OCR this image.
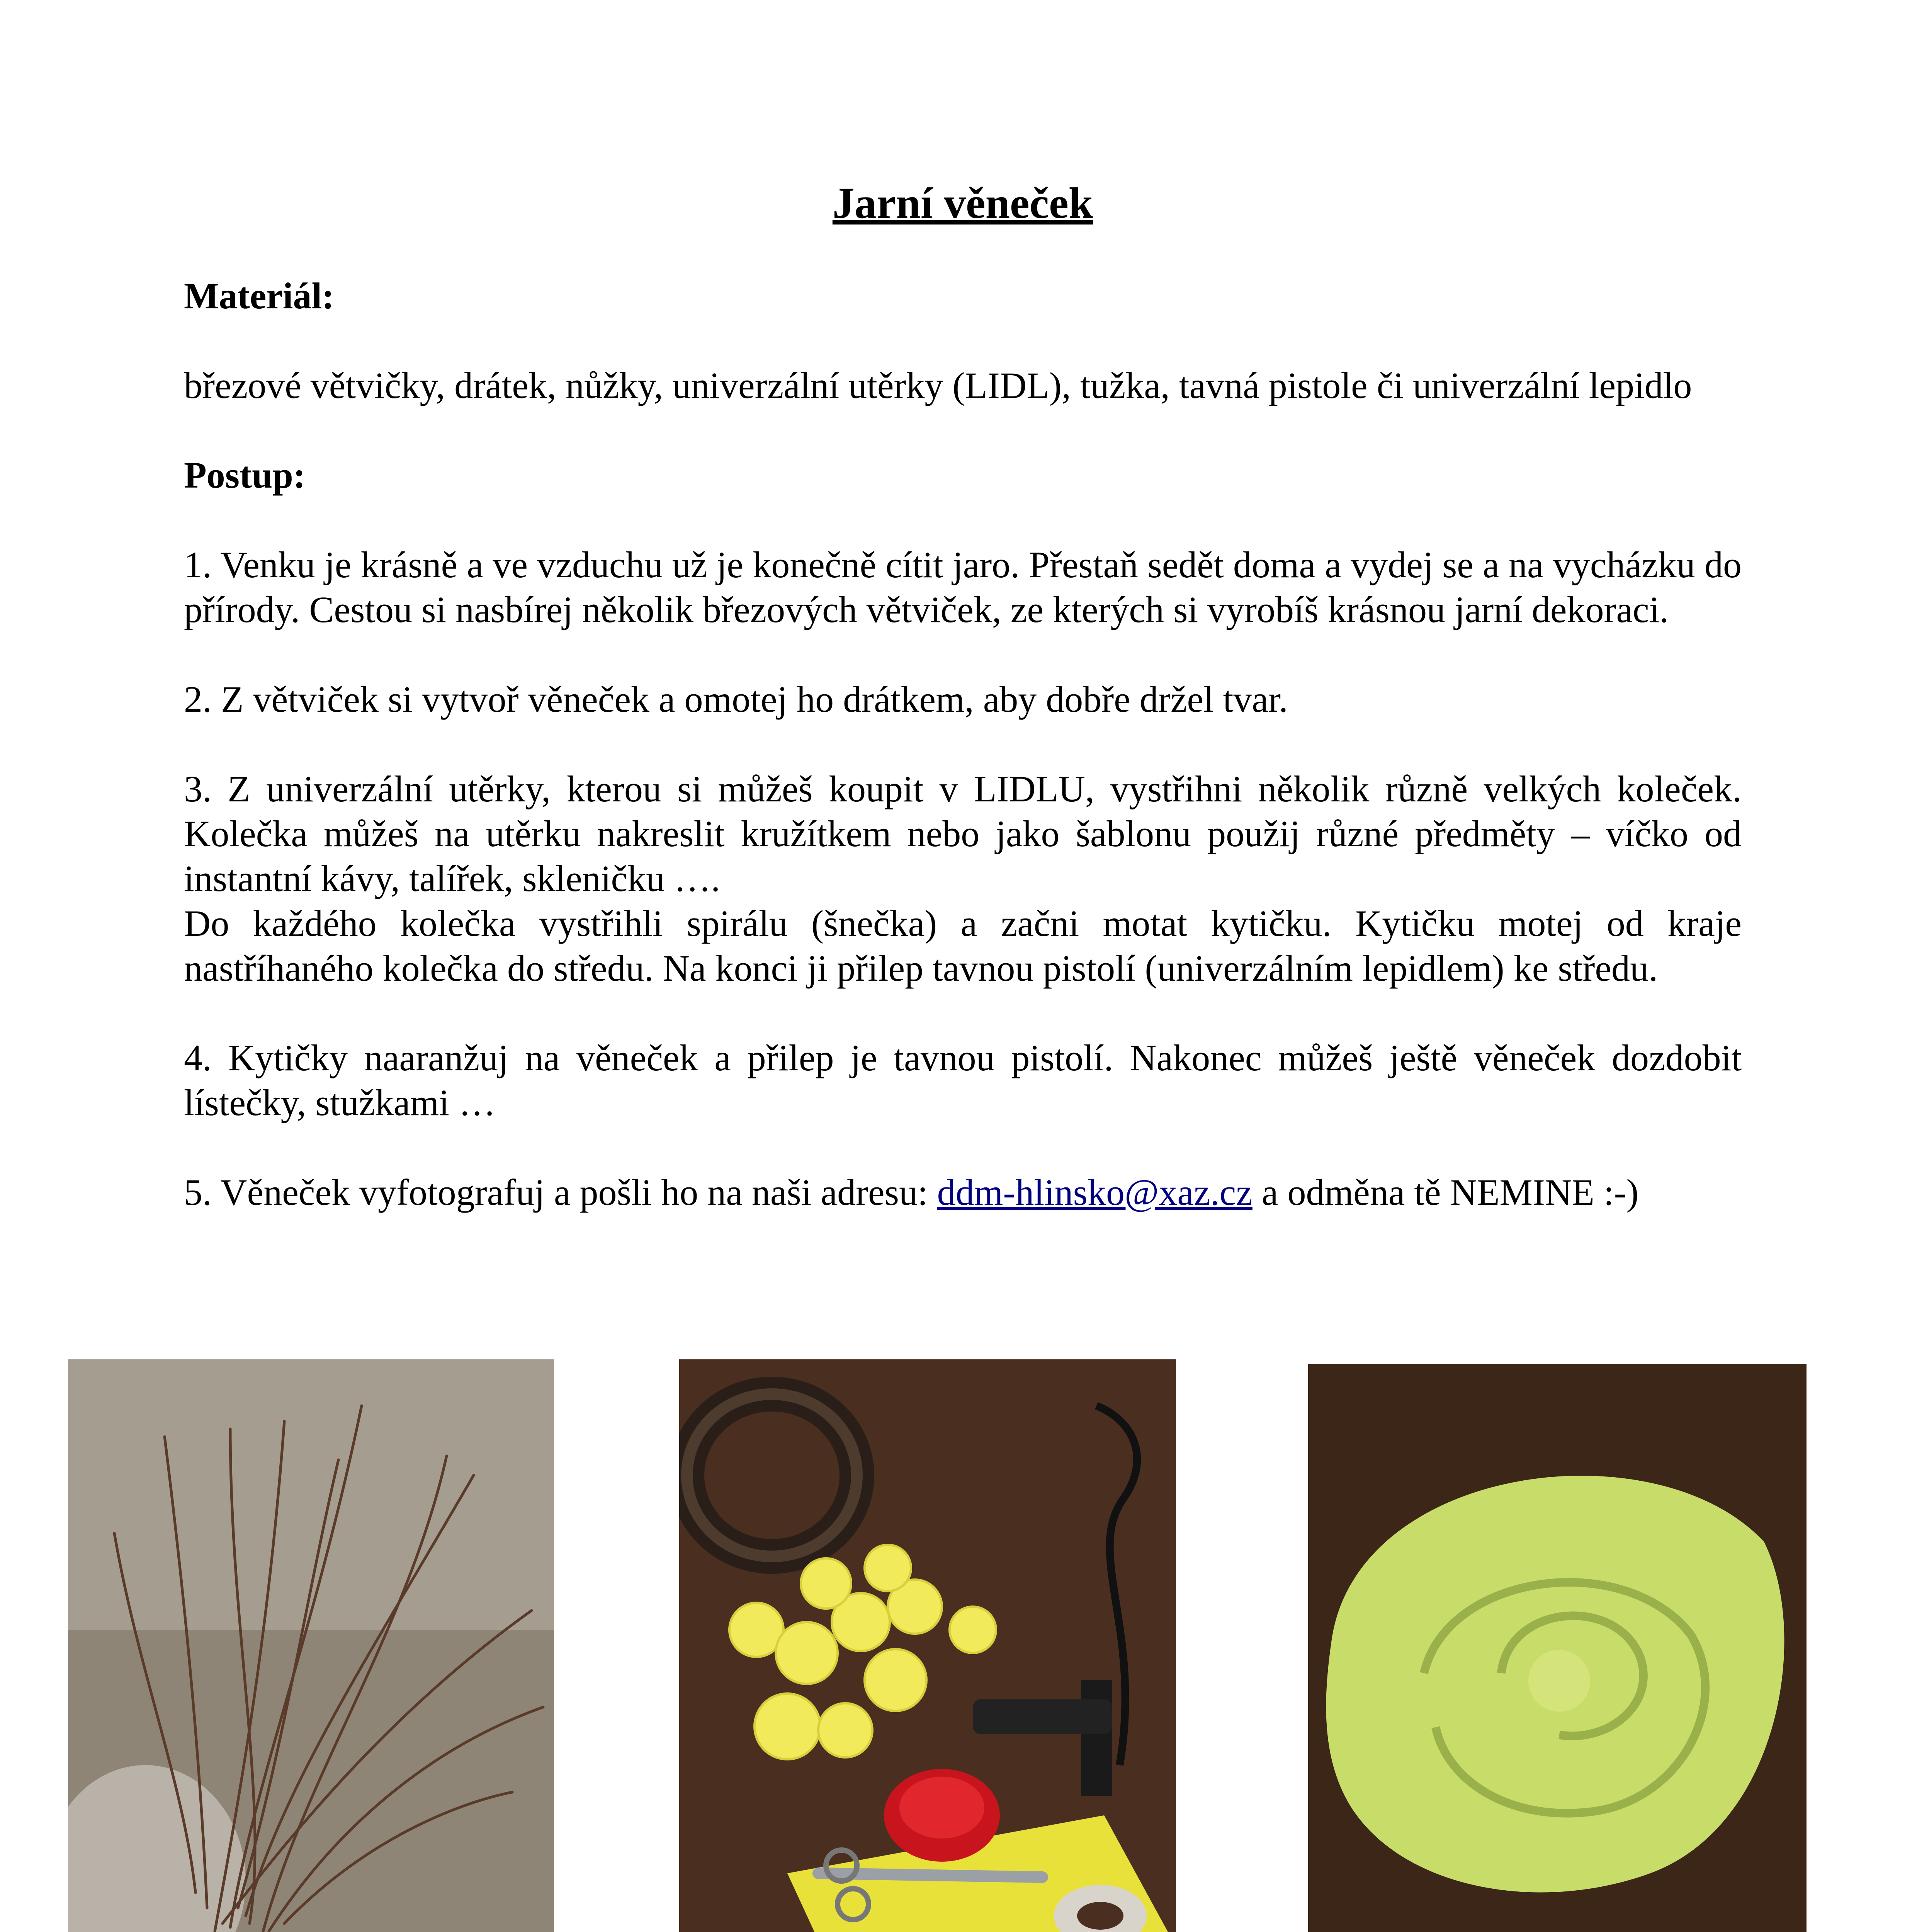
Jarní věneček
Materiál:

březové větvičky, drátek, nůžky, univerzální utěrky (LIDL), tužka, tavná pistole či univerzální lepidlo

Postup:

1. Venku je krásně a ve vzduchu už je konečně cítit jaro. Přestaň sedět doma a vydej se a na vycházku do přírody. Cestou si nasbírej několik březových větviček, ze kterých si vyrobíš krásnou jarní dekoraci.

2. Z větviček si vytvoř věneček a omotej ho drátkem, aby dobře držel tvar.

3. Z univerzální utěrky, kterou si můžeš koupit v LIDLU, vystřihni několik různě velkých koleček. Kolečka můžeš na utěrku nakreslit kružítkem nebo jako šablonu použij různé předměty – víčko od instantní kávy, talířek, skleničku ….

Do každého kolečka vystřihli spirálu (šnečka) a začni motat kytičku. Kytičku motej od kraje nastříhaného kolečka do středu. Na konci ji přilep tavnou pistolí (univerzálním lepidlem) ke středu.

4. Kytičky naaranžuj na věneček a přilep je tavnou pistolí. Nakonec můžeš ještě věneček dozdobit lístečky, stužkami …

5. Věneček vyfotografuj a pošli ho na naši adresu: ddm-hlinsko@xaz.cz a odměna tě NEMINE :-)
